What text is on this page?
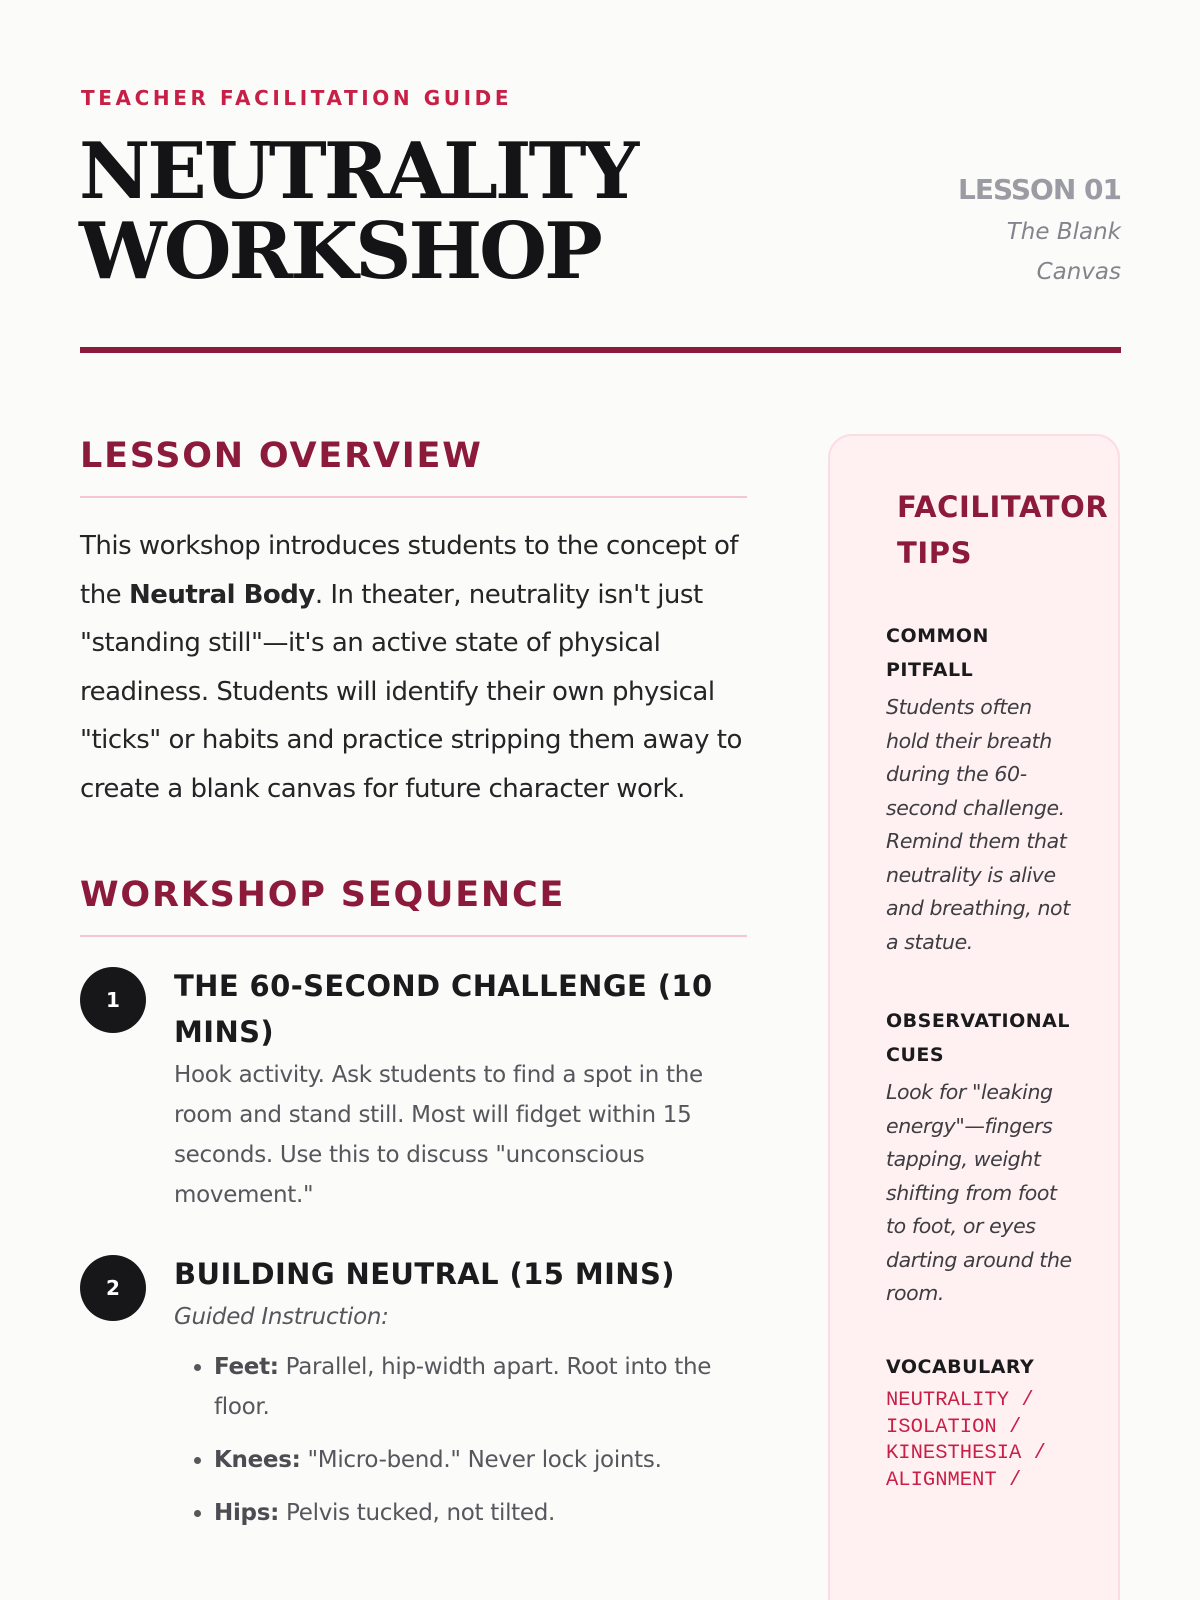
TEACHER FACILITATION GUIDE
NEUTRALITY
WORKSHOP
LESSON 01
The Blank Canvas
LESSON OVERVIEW

This workshop introduces students to the concept of the Neutral Body. In theater, neutrality isn't just "standing still"—it's an active state of physical readiness. Students will identify their own physical "ticks" or habits and practice stripping them away to create a blank canvas for future character work.

WORKSHOP SEQUENCE
1	THE 60-SECOND CHALLENGE (10 MINS)

Hook activity. Ask students to find a spot in the room and stand still. Most will fidget within 15 seconds. Use this to discuss "unconscious movement."

2	BUILDING NEUTRAL (15 MINS)

Guided Instruction:

• Feet: Parallel, hip-width apart. Root into the floor.
• Knees: "Micro-bend." Never lock joints.
• Hips: Pelvis tucked, not tilted.
FACILITATOR TIPS

COMMON PITFALL

Students often hold their breath during the 60-second challenge. Remind them that neutrality is alive and breathing, not a statue.

OBSERVATIONAL CUES

Look for "leaking energy"—fingers tapping, weight shifting from foot to foot, or eyes darting around the room.

VOCABULARY

NEUTRALITY / ISOLATION / KINESTHESIA / ALIGNMENT /
